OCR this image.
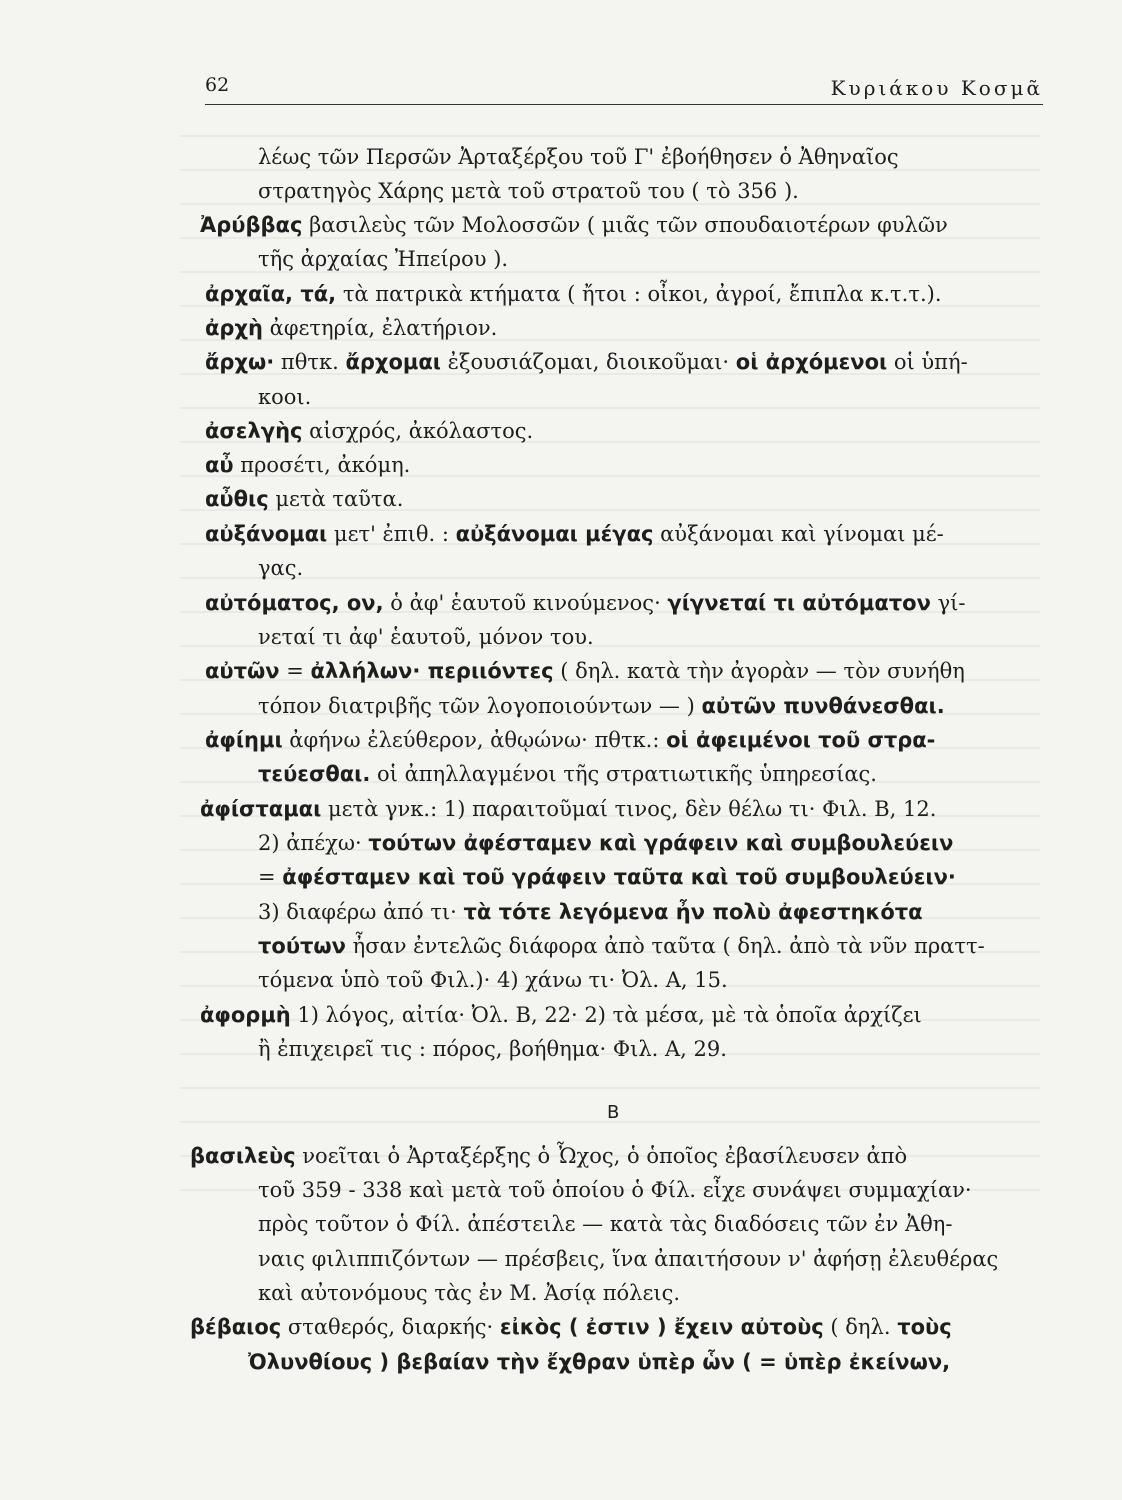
62	Κυριάκου Κοσμᾶ
λέως τῶν Περσῶν Ἀρταξέρξου τοῦ Γ' ἐβοήθησεν ὁ Ἀθηναῖος
στρατηγὸς Χάρης μετὰ τοῦ στρατοῦ του ( τὸ 356 ).
Ἀρύββας βασιλεὺς τῶν Μολοσσῶν ( μιᾶς τῶν σπουδαιοτέρων φυλῶν
τῆς ἀρχαίας Ἠπείρου ).
ἀρχαῖα, τά, τὰ πατρικὰ κτήματα ( ἤτοι : οἶκοι, ἀγροί, ἔπιπλα κ.τ.τ.).
ἀρχὴ ἀφετηρία, ἐλατήριον.
ἄρχω· πθτκ. ἄρχομαι ἐξουσιάζομαι, διοικοῦμαι· οἱ ἀρχόμενοι οἱ ὑπή-
κοοι.
ἀσελγὴς αἰσχρός, ἀκόλαστος.
αὖ προσέτι, ἀκόμη.
αὖθις μετὰ ταῦτα.
αὐξάνομαι μετ' ἐπιθ. : αὐξάνομαι μέγας αὐξάνομαι καὶ γίνομαι μέ-
γας.
αὐτόματος, ον, ὁ ἀφ' ἑαυτοῦ κινούμενος· γίγνεταί τι αὐτόματον γί-
νεταί τι ἀφ' ἑαυτοῦ, μόνον του.
αὐτῶν = ἀλλήλων· περιιόντες ( δηλ. κατὰ τὴν ἀγορὰν — τὸν συνήθη
τόπον διατριβῆς τῶν λογοποιούντων — ) αὐτῶν πυνθάνεσθαι.
ἀφίημι ἀφήνω ἐλεύθερον, ἀθῳώνω· πθτκ.: οἱ ἀφειμένοι τοῦ στρα-
τεύεσθαι. οἱ ἀπηλλαγμένοι τῆς στρατιωτικῆς ὑπηρεσίας.
ἀφίσταμαι μετὰ γνκ.: 1) παραιτοῦμαί τινος, δὲν θέλω τι· Φιλ. Β, 12.
2) ἀπέχω· τούτων ἀφέσταμεν καὶ γράφειν καὶ συμβουλεύειν
= ἀφέσταμεν καὶ τοῦ γράφειν ταῦτα καὶ τοῦ συμβουλεύειν·
3) διαφέρω ἀπό τι· τὰ τότε λεγόμενα ἦν πολὺ ἀφεστηκότα
τούτων ἦσαν ἐντελῶς διάφορα ἀπὸ ταῦτα ( δηλ. ἀπὸ τὰ νῦν πραττ-
τόμενα ὑπὸ τοῦ Φιλ.)· 4) χάνω τι· Ὀλ. Α, 15.
ἀφορμὴ 1) λόγος, αἰτία· Ὀλ. Β, 22· 2) τὰ μέσα, μὲ τὰ ὁποῖα ἀρχίζει
ἢ ἐπιχειρεῖ τις : πόρος, βοήθημα· Φιλ. Α, 29.
βασιλεὺς νοεῖται ὁ Ἀρταξέρξης ὁ Ὦχος, ὁ ὁποῖος ἐβασίλευσεν ἀπὸ
τοῦ 359 - 338 καὶ μετὰ τοῦ ὁποίου ὁ Φίλ. εἶχε συνάψει συμμαχίαν·
πρὸς τοῦτον ὁ Φίλ. ἀπέστειλε — κατὰ τὰς διαδόσεις τῶν ἐν Ἀθη-
ναις φιλιππιζόντων — πρέσβεις, ἵνα ἀπαιτήσουν ν' ἀφήσῃ ἐλευθέρας
καὶ αὐτονόμους τὰς ἐν Μ. Ἀσίᾳ πόλεις.
βέβαιος σταθερός, διαρκής· εἰκὸς ( ἐστιν ) ἔχειν αὐτοὺς ( δηλ. τοὺς
Ὀλυνθίους ) βεβαίαν τὴν ἔχθραν ὑπὲρ ὧν ( = ὑπὲρ ἐκείνων,
Β
